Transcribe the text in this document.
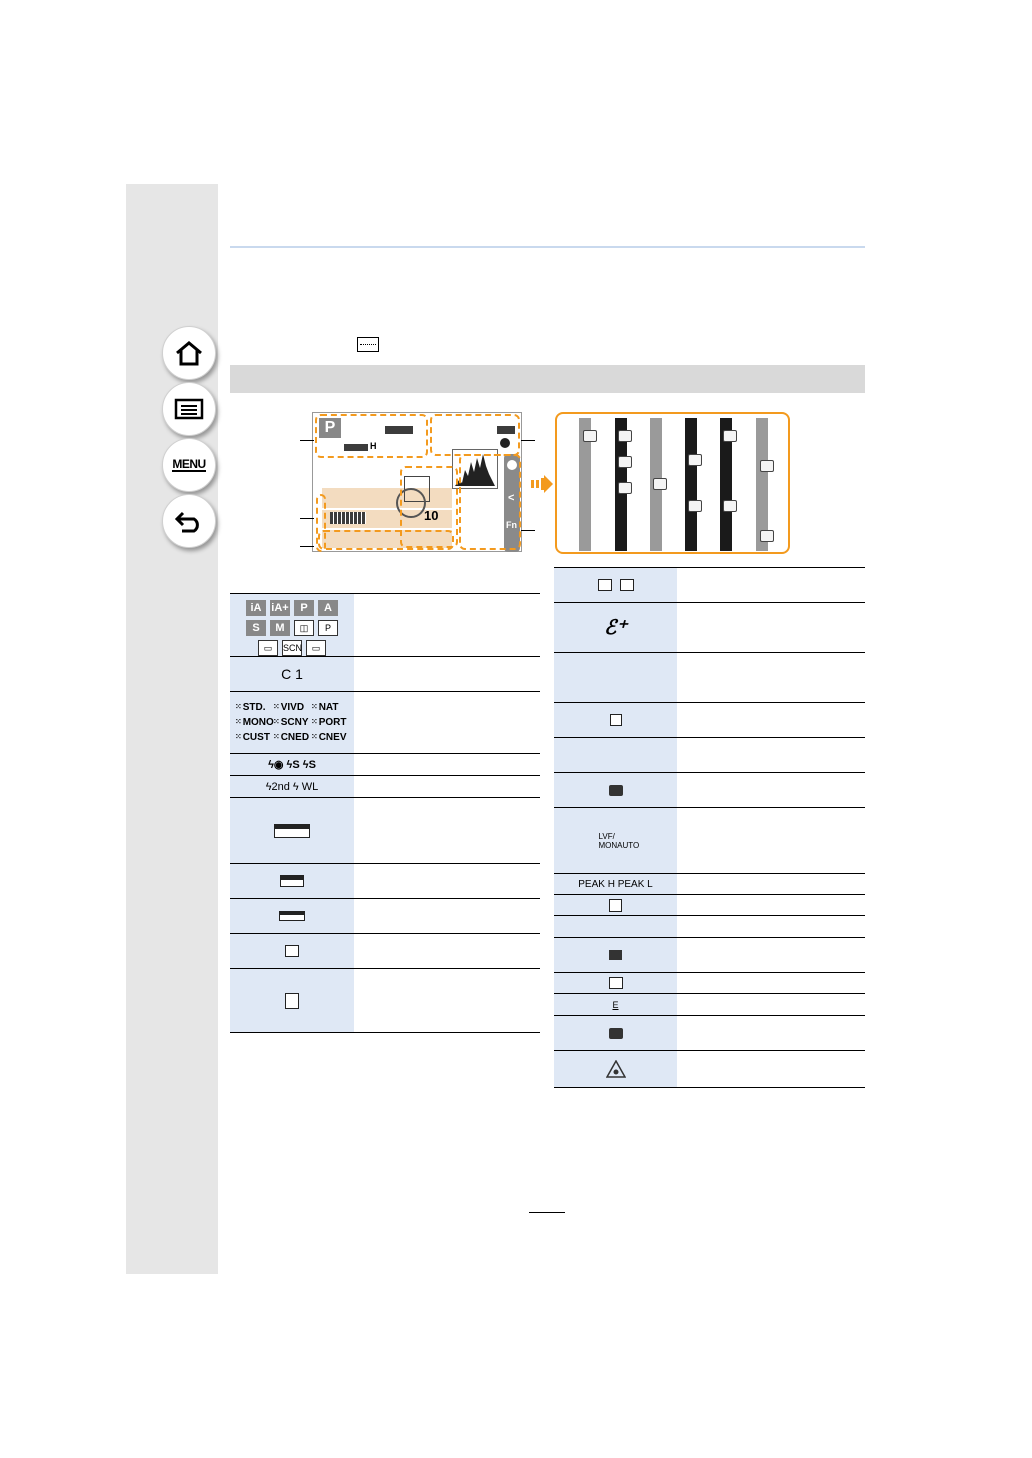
MENU
P
H
10
<
Fn
iA iA+	P	A
S	M	◫	P
▭	SCN	▭
C 1
⁙ STD.	⁙ VIVD	⁙ NAT
⁙ MONO ⁙ SCNY	⁙ PORT
⁙ CUST	⁙ CNED ⁙ CNEV
ϟ◉ ϟS ϟS
ϟ2nd ϟ WL
ℰ⁺
LVF/ MONAUTO
PEAK H PEAK L
E
